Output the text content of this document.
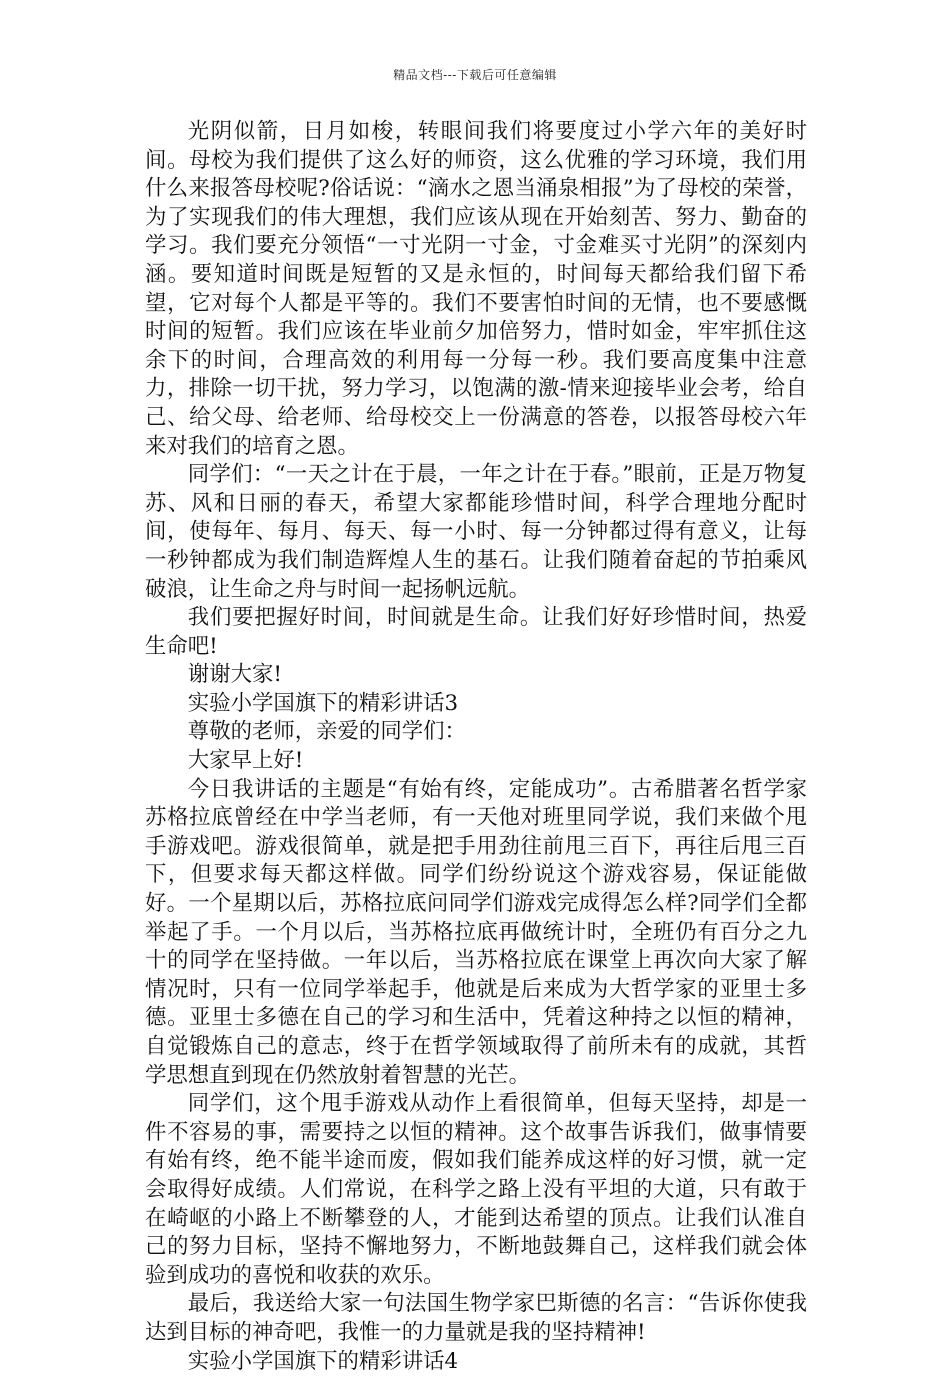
精品文档---下载后可任意编辑

光阴似箭，日月如梭，转眼间我们将要度过小学六年的美好时间。母校为我们提供了这么好的师资，这么优雅的学习环境，我们用什么来报答母校呢?俗话说：“滴水之恩当涌泉相报”为了母校的荣誉，为了实现我们的伟大理想，我们应该从现在开始刻苦、努力、勤奋的学习。我们要充分领悟“一寸光阴一寸金，寸金难买寸光阴”的深刻内涵。要知道时间既是短暂的又是永恒的，时间每天都给我们留下希望，它对每个人都是平等的。我们不要害怕时间的无情，也不要感慨时间的短暂。我们应该在毕业前夕加倍努力，惜时如金，牢牢抓住这余下的时间，合理高效的利用每一分每一秒。我们要高度集中注意力，排除一切干扰，努力学习，以饱满的激-情来迎接毕业会考，给自己、给父母、给老师、给母校交上一份满意的答卷，以报答母校六年来对我们的培育之恩。

同学们：“一天之计在于晨，一年之计在于春。”眼前，正是万物复苏、风和日丽的春天，希望大家都能珍惜时间，科学合理地分配时间，使每年、每月、每天、每一小时、每一分钟都过得有意义，让每一秒钟都成为我们制造辉煌人生的基石。让我们随着奋起的节拍乘风破浪，让生命之舟与时间一起扬帆远航。

我们要把握好时间，时间就是生命。让我们好好珍惜时间，热爱生命吧!

谢谢大家!

实验小学国旗下的精彩讲话3

尊敬的老师，亲爱的同学们：

大家早上好!

今日我讲话的主题是“有始有终，定能成功”。古希腊著名哲学家苏格拉底曾经在中学当老师，有一天他对班里同学说，我们来做个甩手游戏吧。游戏很简单，就是把手用劲往前甩三百下，再往后甩三百下，但要求每天都这样做。同学们纷纷说这个游戏容易，保证能做好。一个星期以后，苏格拉底问同学们游戏完成得怎么样?同学们全都举起了手。一个月以后，当苏格拉底再做统计时，全班仍有百分之九十的同学在坚持做。一年以后，当苏格拉底在课堂上再次向大家了解情况时，只有一位同学举起手，他就是后来成为大哲学家的亚里士多德。亚里士多德在自己的学习和生活中，凭着这种持之以恒的精神，自觉锻炼自己的意志，终于在哲学领域取得了前所未有的成就，其哲学思想直到现在仍然放射着智慧的光芒。

同学们，这个甩手游戏从动作上看很简单，但每天坚持，却是一件不容易的事，需要持之以恒的精神。这个故事告诉我们，做事情要有始有终，绝不能半途而废，假如我们能养成这样的好习惯，就一定会取得好成绩。人们常说，在科学之路上没有平坦的大道，只有敢于在崎岖的小路上不断攀登的人，才能到达希望的顶点。让我们认准自己的努力目标，坚持不懈地努力，不断地鼓舞自己，这样我们就会体验到成功的喜悦和收获的欢乐。

最后，我送给大家一句法国生物学家巴斯德的名言：“告诉你使我达到目标的神奇吧，我惟一的力量就是我的坚持精神!

实验小学国旗下的精彩讲话4
